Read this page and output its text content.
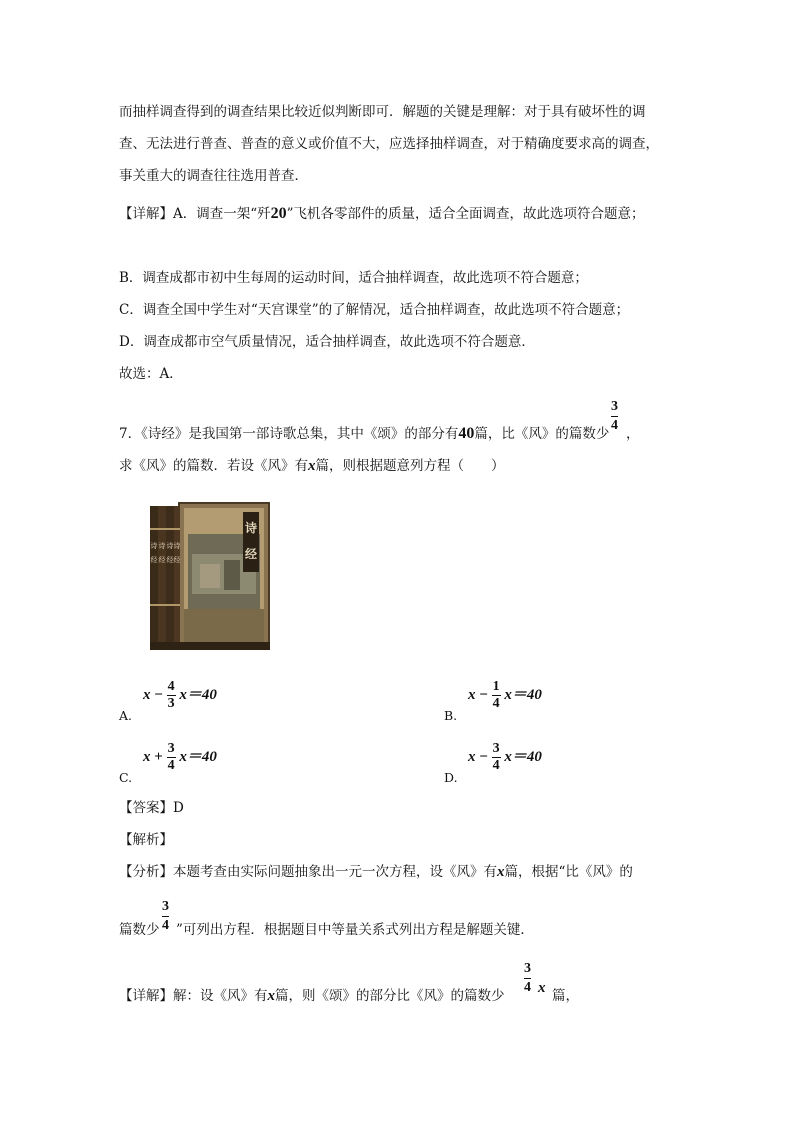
而抽样调查得到的调查结果比较近似判断即可．解题的关键是理解：对于具有破坏性的调
查、无法进行普查、普查的意义或价值不大，应选择抽样调查，对于精确度要求高的调查，
事关重大的调查往往选用普查．
【详解】A．调查一架“歼20”飞机各零部件的质量，适合全面调查，故此选项符合题意；
B．调查成都市初中生每周的运动时间，适合抽样调查，故此选项不符合题意；
C．调查全国中学生对“天宫课堂”的了解情况，适合抽样调查，故此选项不符合题意；
D．调查成都市空气质量情况，适合抽样调查，故此选项不符合题意．
故选：A．
7．《诗经》是我国第一部诗歌总集，其中《颂》的部分有40篇，比《风》的篇数少
3
4
，
求《风》的篇数．若设《风》有x篇，则根据题意列方程（　　）
诗
经
诗
经
诗
经
诗
经
诗
经
A.
$x - \frac{4}{3} x=40$
B.
$x - \frac{1}{4} x=40$
C.
$x + \frac{3}{4} x=40$
D.
$x - \frac{3}{4} x=40$
【答案】D
【解析】
【分析】本题考查由实际问题抽象出一元一次方程，设《风》有x篇，根据“比《风》的
篇数少
3
4 ”可列出方程．根据题目中等量关系式列出方程是解题关键．
【详解】解：设《风》有x篇，则《颂》的部分比《风》的篇数少
3
4 x 篇，
